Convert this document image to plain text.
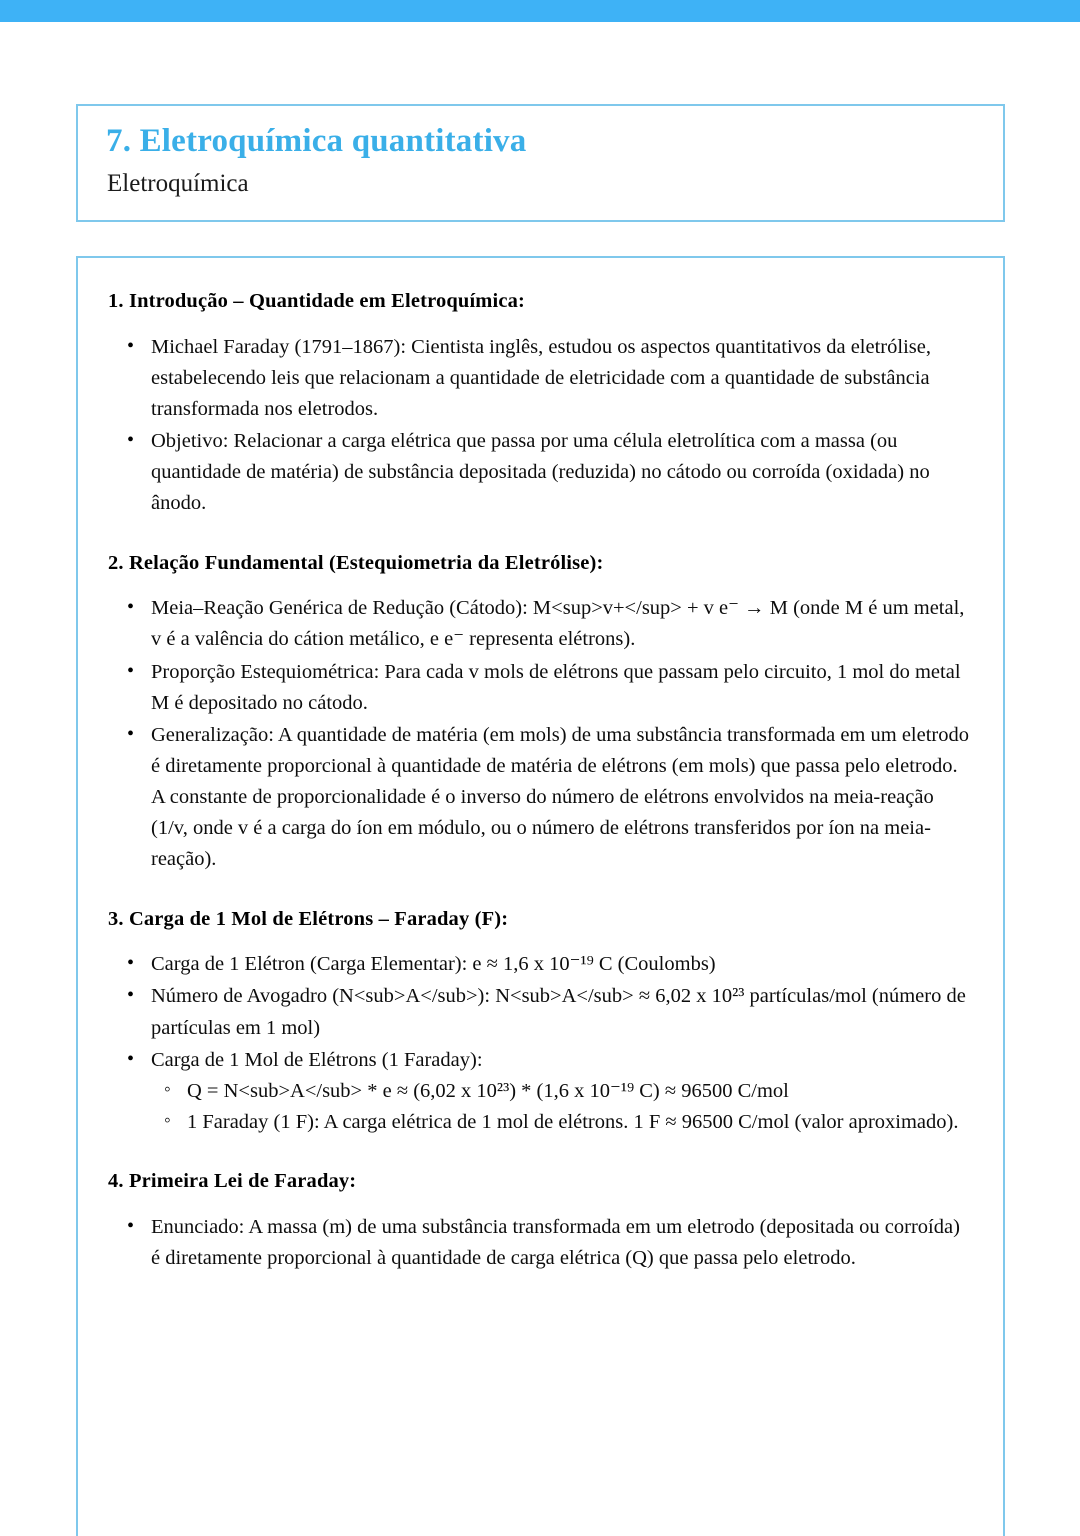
7. Eletroquímica quantitativa
Eletroquímica
1. Introdução – Quantidade em Eletroquímica:
• Michael Faraday (1791–1867): Cientista inglês, estudou os aspectos quantitativos da eletrólise, estabelecendo leis que relacionam a quantidade de eletricidade com a quantidade de substância transformada nos eletrodos.
• Objetivo: Relacionar a carga elétrica que passa por uma célula eletrolítica com a massa (ou quantidade de matéria) de substância depositada (reduzida) no cátodo ou corroída (oxidada) no ânodo.
2. Relação Fundamental (Estequiometria da Eletrólise):
• Meia–Reação Genérica de Redução (Cátodo): M<sup>v+</sup> + v e⁻ → M (onde M é um metal, v é a valência do cátion metálico, e e⁻ representa elétrons).
• Proporção Estequiométrica: Para cada v mols de elétrons que passam pelo circuito, 1 mol do metal M é depositado no cátodo.
• Generalização: A quantidade de matéria (em mols) de uma substância transformada em um eletrodo é diretamente proporcional à quantidade de matéria de elétrons (em mols) que passa pelo eletrodo. A constante de proporcionalidade é o inverso do número de elétrons envolvidos na meia-reação (1/v, onde v é a carga do íon em módulo, ou o número de elétrons transferidos por íon na meia-reação).
3. Carga de 1 Mol de Elétrons – Faraday (F):
• Carga de 1 Elétron (Carga Elementar): e ≈ 1,6 x 10⁻¹⁹ C (Coulombs)
• Número de Avogadro (N<sub>A</sub>): N<sub>A</sub> ≈ 6,02 x 10²³ partículas/mol (número de partículas em 1 mol)
• Carga de 1 Mol de Elétrons (1 Faraday):
◦ Q = N<sub>A</sub> * e ≈ (6,02 x 10²³) * (1,6 x 10⁻¹⁹ C) ≈ 96500 C/mol
◦ 1 Faraday (1 F): A carga elétrica de 1 mol de elétrons. 1 F ≈ 96500 C/mol (valor aproximado).
4. Primeira Lei de Faraday:
• Enunciado: A massa (m) de uma substância transformada em um eletrodo (depositada ou corroída) é diretamente proporcional à quantidade de carga elétrica (Q) que passa pelo eletrodo.
